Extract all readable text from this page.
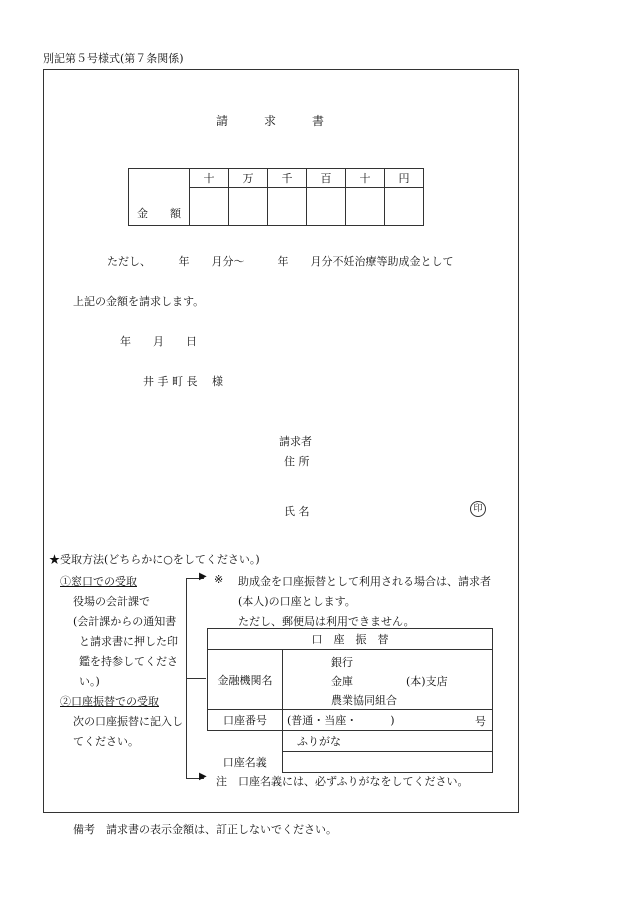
別記第５号様式(第７条関係)
請　　　求　　　書
金　　額	十	万	千	百	十	円

ただし、　　　年　　月分～　　　年　　月分不妊治療等助成金として
上記の金額を請求します。
年　　月　　日
井 手 町 長　 様
請求者
住 所
氏 名	印
★受取方法(どちらかに○をしてください。)
①窓口での受取
役場の会計課で
(会計課からの通知書
と請求書に押した印
鑑を持参してくださ
い。)
②口座振替での受取
次の口座振替に記入し
てください。
▶
▶
※ 助成金を口座振替として利用される場合は、請求者
(本人)の口座とします。
ただし、郵便局は利用できません。
口　座　振　替	
金融機関名	銀行
金庫 (本)支店
農業協同組合

口座番号	(普通・当座・　　　) 号

口座名義	ふりがな

注　口座名義には、必ずふりがなをしてください。
備考　請求書の表示金額は、訂正しないでください。
